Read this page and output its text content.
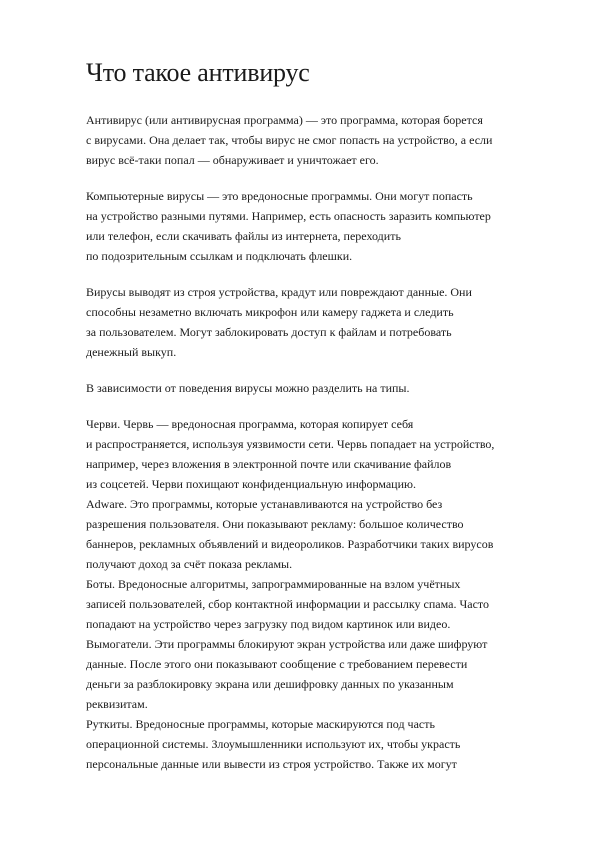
Что такое антивирус

Антивирус (или антивирусная программа) — это программа, которая борется
с вирусами. Она делает так, чтобы вирус не смог попасть на устройство, а если
вирус всё-таки попал — обнаруживает и уничтожает его.

Компьютерные вирусы — это вредоносные программы. Они могут попасть
на устройство разными путями. Например, есть опасность заразить компьютер
или телефон, если скачивать файлы из интернета, переходить
по подозрительным ссылкам и подключать флешки.

Вирусы выводят из строя устройства, крадут или повреждают данные. Они
способны незаметно включать микрофон или камеру гаджета и следить
за пользователем. Могут заблокировать доступ к файлам и потребовать
денежный выкуп.

В зависимости от поведения вирусы можно разделить на типы.

Черви. Червь — вредоносная программа, которая копирует себя
и распространяется, используя уязвимости сети. Червь попадает на устройство,
например, через вложения в электронной почте или скачивание файлов
из соцсетей. Черви похищают конфиденциальную информацию.
Adware. Это программы, которые устанавливаются на устройство без
разрешения пользователя. Они показывают рекламу: большое количество
баннеров, рекламных объявлений и видеороликов. Разработчики таких вирусов
получают доход за счёт показа рекламы.
Боты. Вредоносные алгоритмы, запрограммированные на взлом учётных
записей пользователей, сбор контактной информации и рассылку спама. Часто
попадают на устройство через загрузку под видом картинок или видео.
Вымогатели. Эти программы блокируют экран устройства или даже шифруют
данные. После этого они показывают сообщение с требованием перевести
деньги за разблокировку экрана или дешифровку данных по указанным
реквизитам.
Руткиты. Вредоносные программы, которые маскируются под часть
операционной системы. Злоумышленники используют их, чтобы украсть
персональные данные или вывести из строя устройство. Также их могут
